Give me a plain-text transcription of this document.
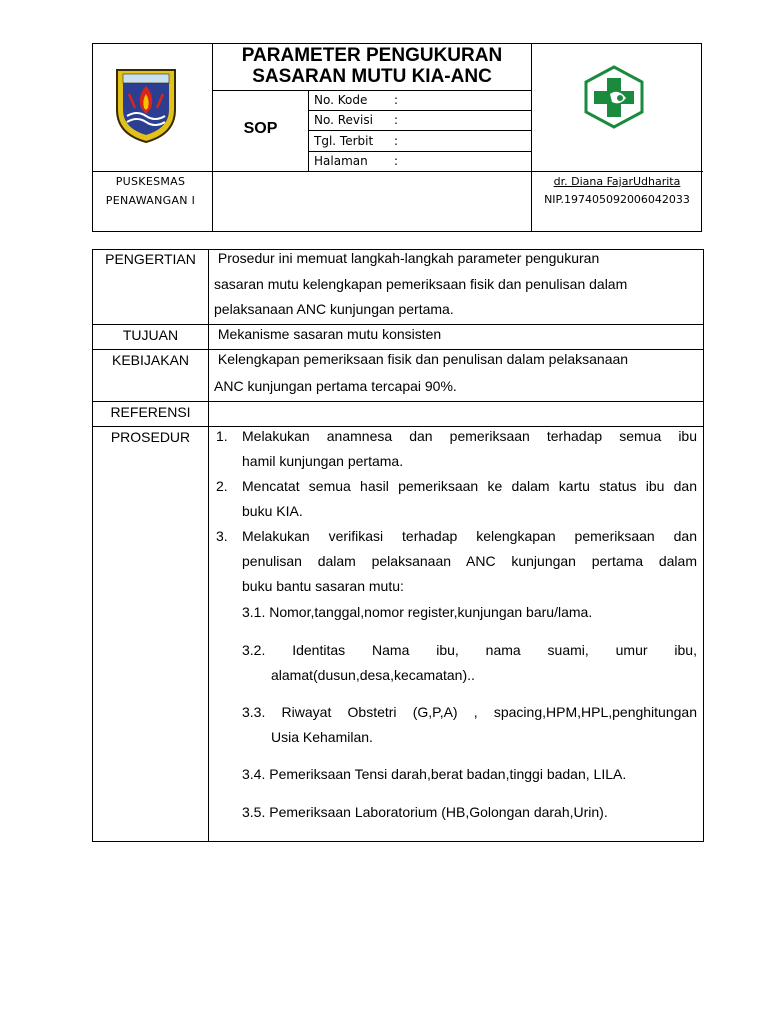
PARAMETER PENGUKURAN
SASARAN MUTU KIA-ANC
SOP
No. Kode :
No. Revisi :
Tgl. Terbit :
Halaman :
PUSKESMAS
PENAWANGAN I
dr. Diana FajarUdharita
NIP.197405092006042033
PENGERTIAN	Prosedur ini memuat langkah-langkah parameter pengukuran
sasaran mutu kelengkapan pemeriksaan fisik dan penulisan dalam
pelaksanaan ANC kunjungan pertama.
TUJUAN	Mekanisme sasaran mutu konsisten
KEBIJAKAN	Kelengkapan pemeriksaan fisik dan penulisan dalam pelaksanaan
ANC kunjungan pertama tercapai 90%.
REFERENSI
PROSEDUR	1. Melakukan anamnesa dan pemeriksaan terhadap semua ibu
hamil kunjungan pertama.
2. Mencatat semua hasil pemeriksaan ke dalam kartu status ibu dan
buku KIA.
3. Melakukan verifikasi terhadap kelengkapan pemeriksaan dan
penulisan dalam pelaksanaan ANC kunjungan pertama dalam
buku bantu sasaran mutu:
3.1. Nomor,tanggal,nomor register,kunjungan baru/lama.
3.2. Identitas Nama ibu, nama suami, umur ibu,
alamat(dusun,desa,kecamatan)..
3.3. Riwayat Obstetri (G,P,A) , spacing,HPM,HPL,penghitungan
Usia Kehamilan.
3.4. Pemeriksaan Tensi darah,berat badan,tinggi badan, LILA.
3.5. Pemeriksaan Laboratorium (HB,Golongan darah,Urin).
